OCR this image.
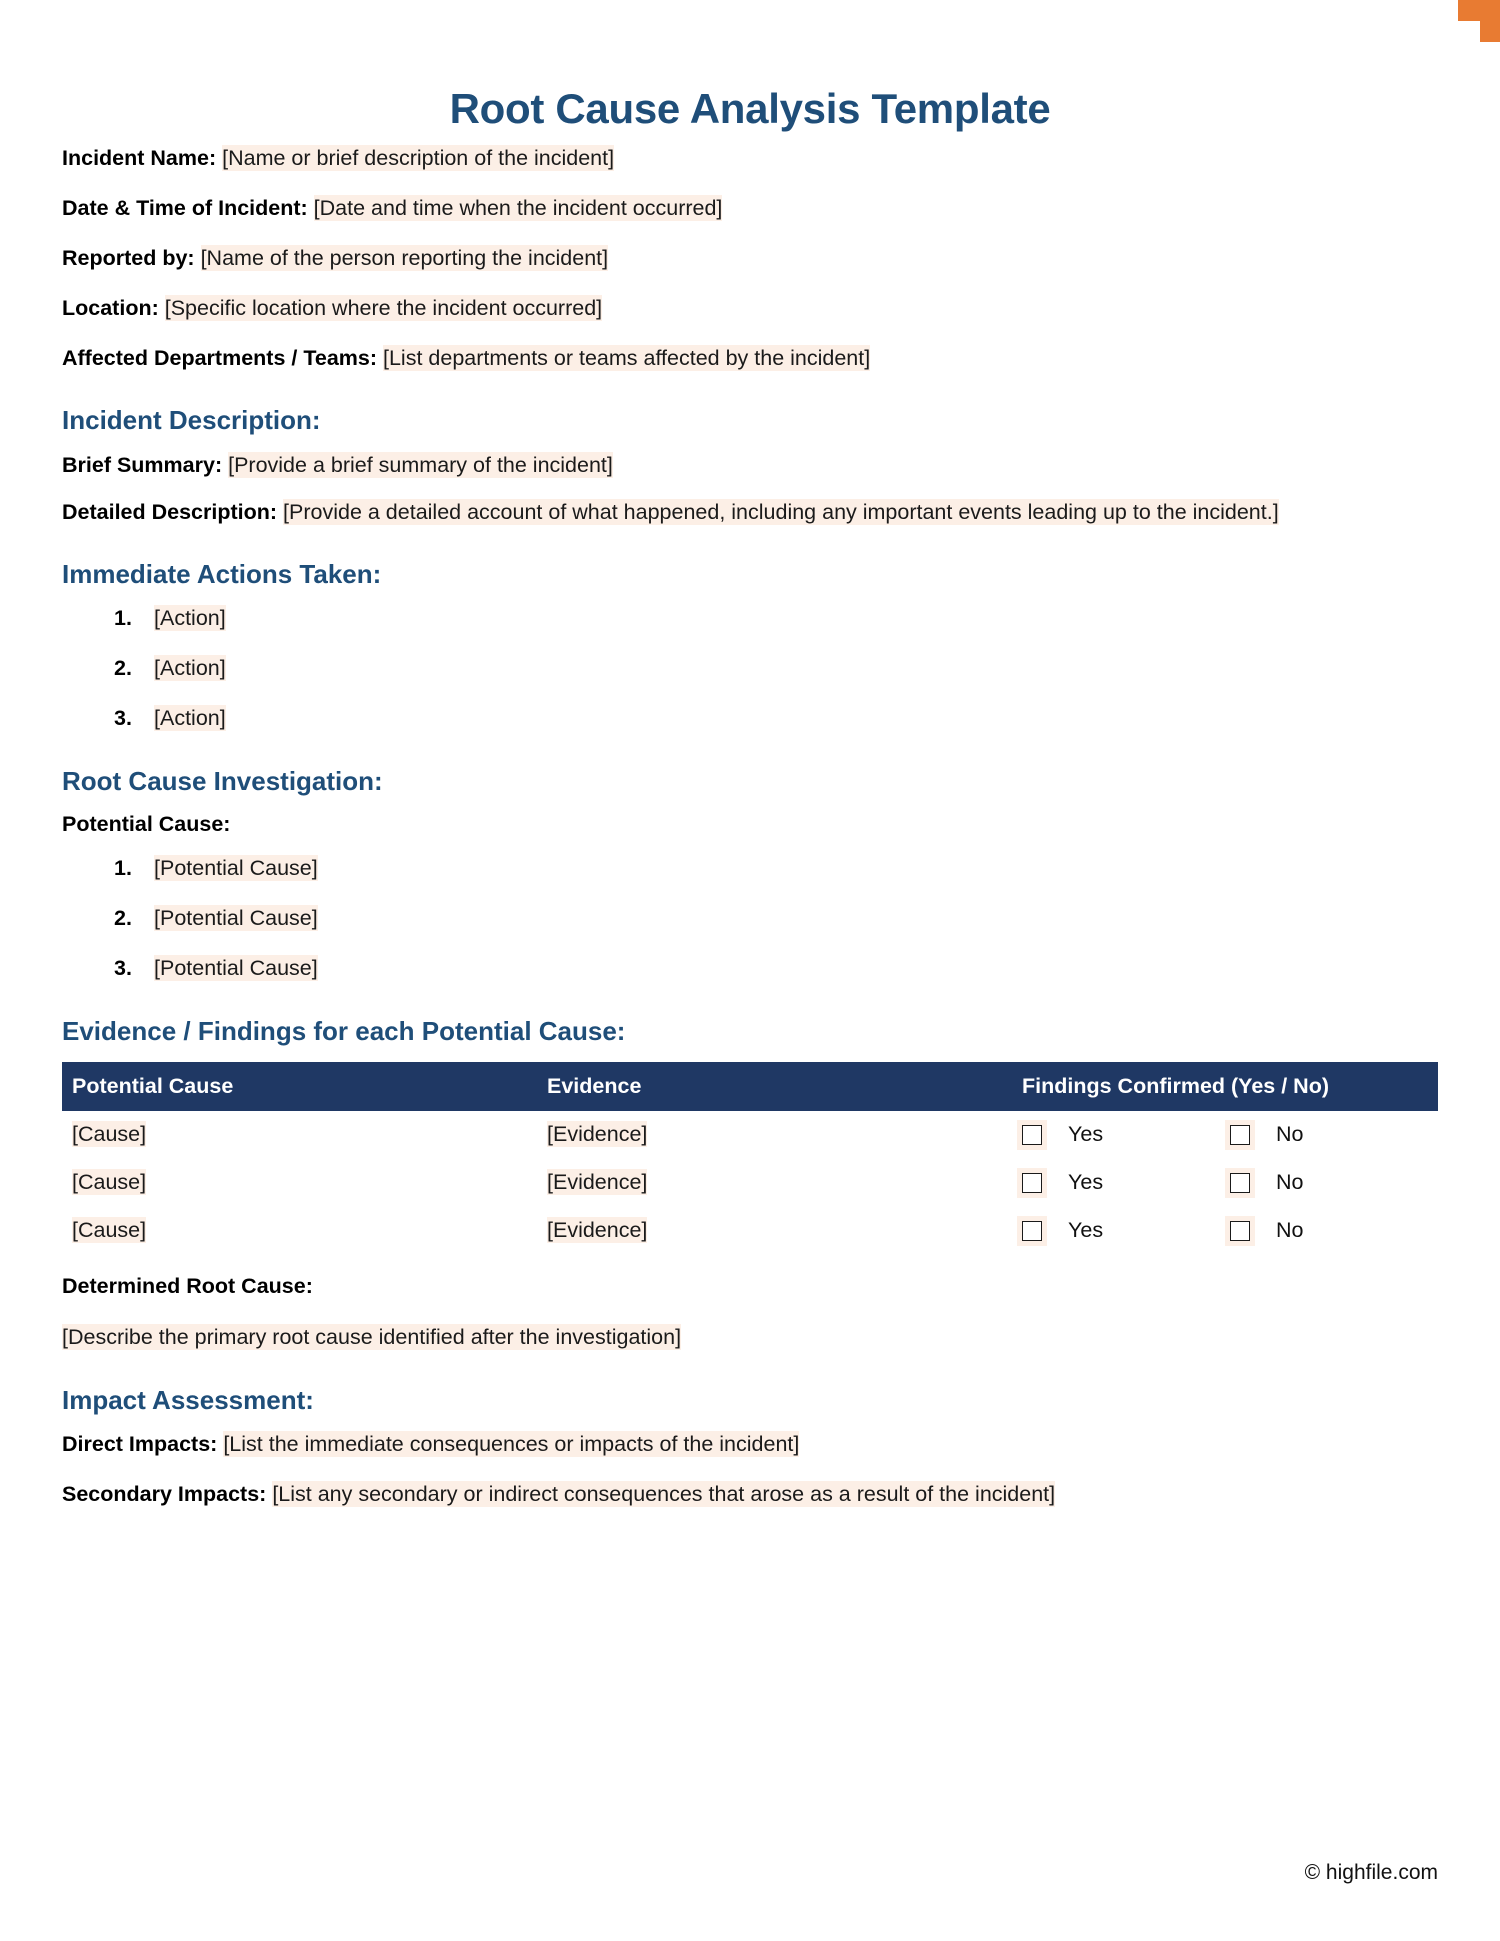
Root Cause Analysis Template

Incident Name: [Name or brief description of the incident]

Date & Time of Incident: [Date and time when the incident occurred]

Reported by: [Name of the person reporting the incident]

Location: [Specific location where the incident occurred]

Affected Departments / Teams: [List departments or teams affected by the incident]

Incident Description:

Brief Summary: [Provide a brief summary of the incident]

Detailed Description: [Provide a detailed account of what happened, including any important events leading up to the incident.]

Immediate Actions Taken:
[Action]
[Action]
[Action]
Root Cause Investigation:

Potential Cause:

[Potential Cause]
[Potential Cause]
[Potential Cause]
Evidence / Findings for each Potential Cause:
Potential Cause	Evidence	Findings Confirmed (Yes / No)
[Cause]	[Evidence]	Yes No

[Cause]	[Evidence]	Yes No

[Cause]	[Evidence]	Yes No

Determined Root Cause:

[Describe the primary root cause identified after the investigation]

Impact Assessment:

Direct Impacts: [List the immediate consequences or impacts of the incident]

Secondary Impacts: [List any secondary or indirect consequences that arose as a result of the incident]

© highfile.com
